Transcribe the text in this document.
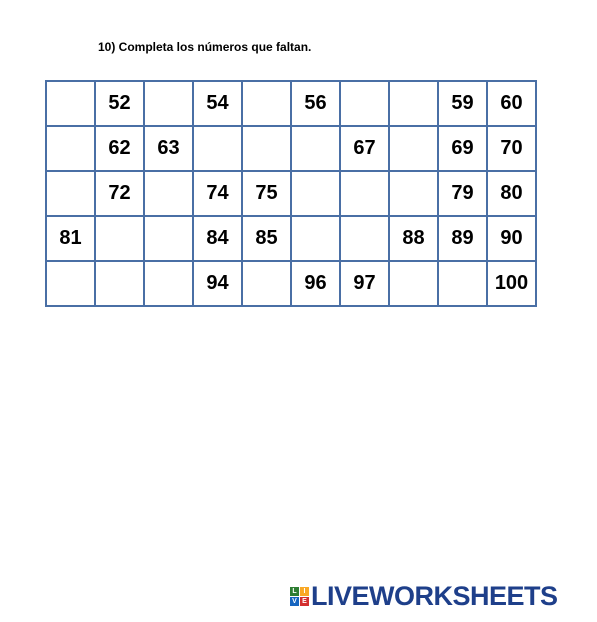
10) Completa los números que faltan.
	52		54		56			59	60
	62	63				67		69	70
	72		74	75				79	80
81			84	85			88	89	90
			94		96	97			100
L I
V E LIVEWORKSHEETS
